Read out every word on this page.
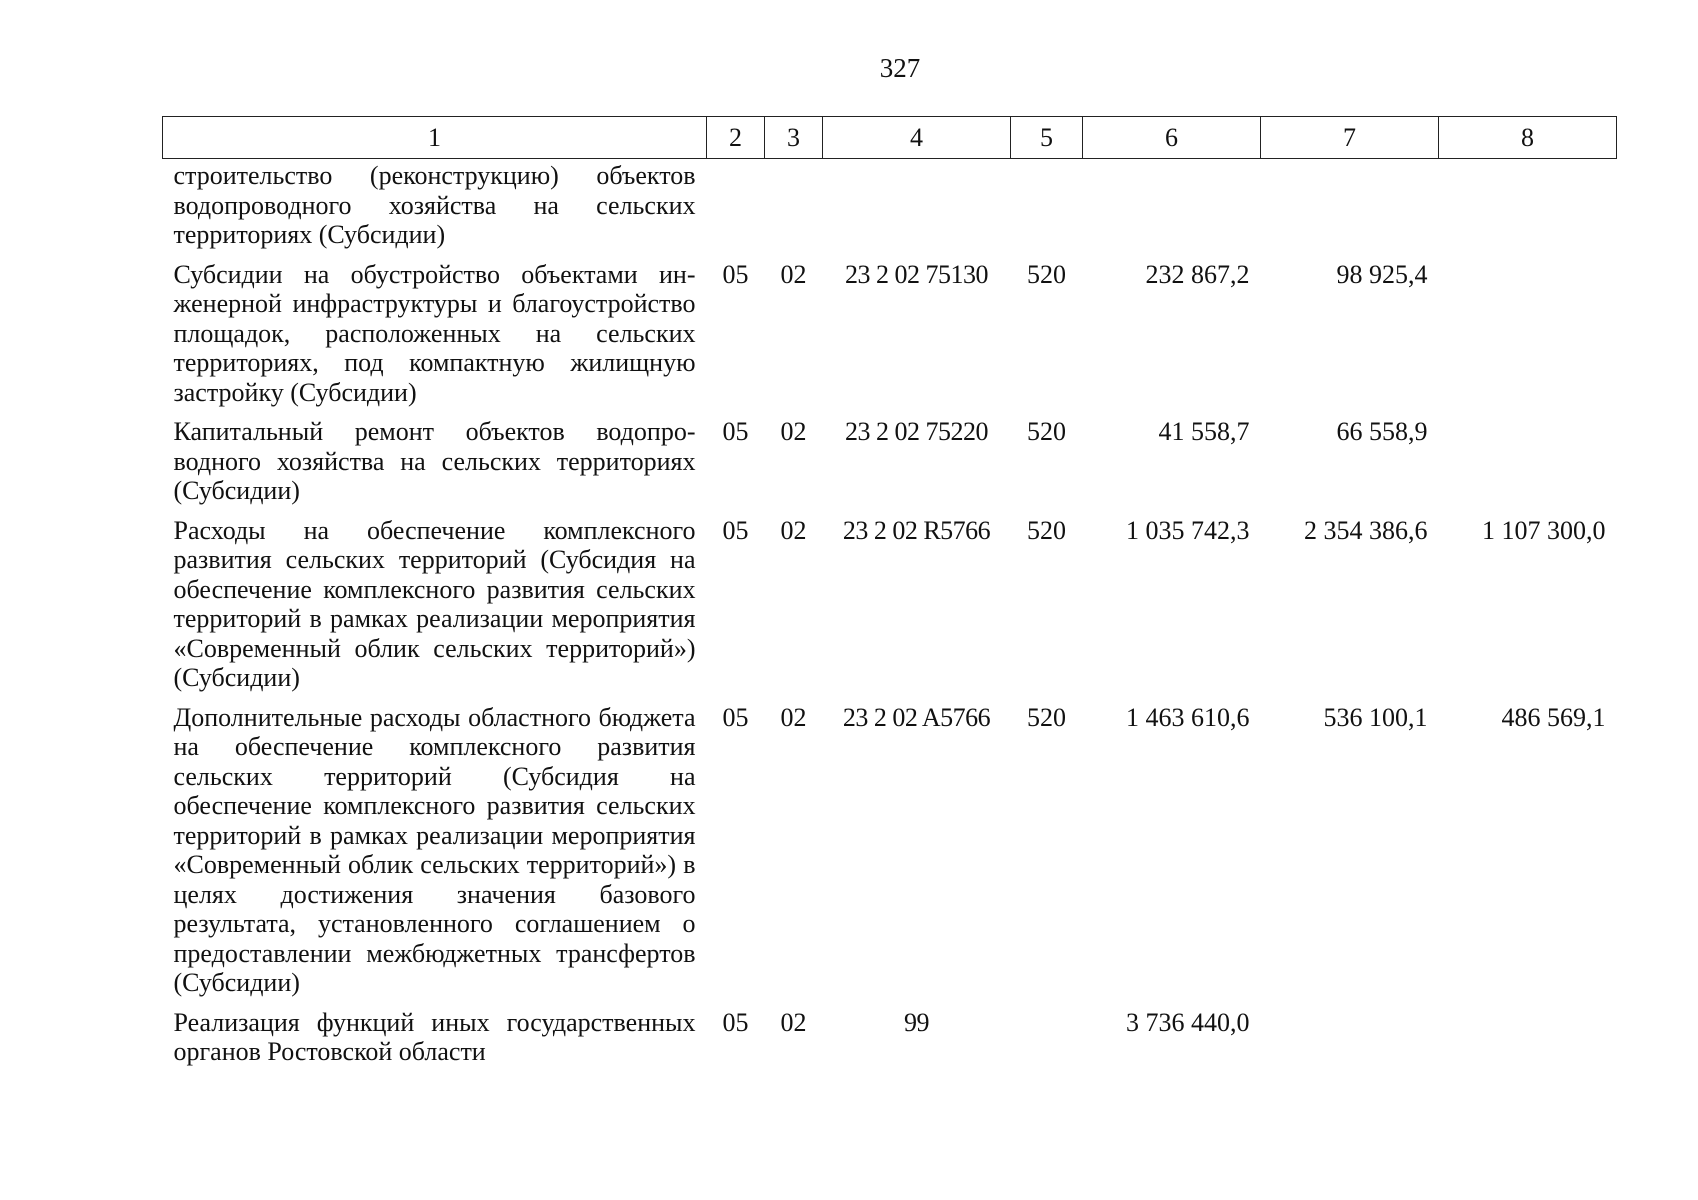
327
1	2	3	4	5	6	7	8
строительство (реконструкцию) объектов водопроводного хозяйства на сельских территориях (Субсидии)							
Субсидии на обустройство объектами инженерной инфраструктуры и благоустройство площадок, расположенных на сельских территориях, под компактную жилищную застройку (Субсидии)	05	02	23 2 02 75130	520	232 867,2	98 925,4	
Капитальный ремонт объектов водопроводного хозяйства на сельских территориях (Субсидии)	05	02	23 2 02 75220	520	41 558,7	66 558,9	
Расходы на обеспечение комплексного развития сельских территорий (Субсидия на обеспечение комплексного развития сельских территорий в рамках реализации мероприятия «Современный облик сельских территорий») (Субсидии)	05	02	23 2 02 R5766	520	1 035 742,3	2 354 386,6	1 107 300,0
Дополнительные расходы областного бюджета на обеспечение комплексного развития сельских территорий (Субсидия на обеспечение комплексного развития сельских территорий в рамках реализации мероприятия «Современный облик сельских территорий») в целях достижения значения базового результата, установленного соглашением о предоставлении межбюджетных трансфертов (Субсидии)	05	02	23 2 02 A5766	520	1 463 610,6	536 100,1	486 569,1
Реализация функций иных государственных органов Ростовской области	05	02	99		3 736 440,0		
